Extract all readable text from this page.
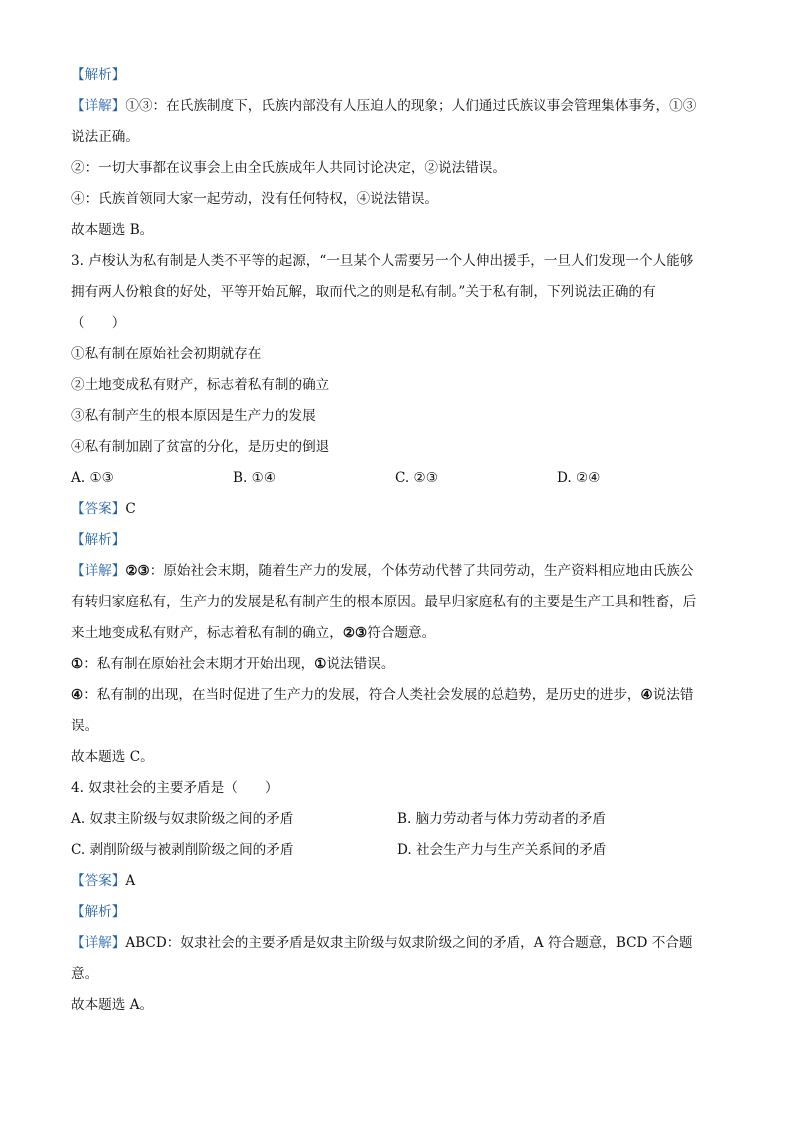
【解析】
【详解】①③：在氏族制度下，氏族内部没有人压迫人的现象；人们通过氏族议事会管理集体事务，①③
说法正确。
②：一切大事都在议事会上由全氏族成年人共同讨论决定，②说法错误。
④：氏族首领同大家一起劳动，没有任何特权，④说法错误。
故本题选 B。
3. 卢梭认为私有制是人类不平等的起源，“一旦某个人需要另一个人伸出援手，一旦人们发现一个人能够
拥有两人份粮食的好处，平等开始瓦解，取而代之的则是私有制。”关于私有制，下列说法正确的有
（　　）
①私有制在原始社会初期就存在
②土地变成私有财产，标志着私有制的确立
③私有制产生的根本原因是生产力的发展
④私有制加剧了贫富的分化，是历史的倒退
A. ①③	B. ①④	C. ②③	D. ②④
【答案】C
【解析】
【详解】②③：原始社会末期，随着生产力的发展，个体劳动代替了共同劳动，生产资料相应地由氏族公
有转归家庭私有，生产力的发展是私有制产生的根本原因。最早归家庭私有的主要是生产工具和牲畜，后
来土地变成私有财产，标志着私有制的确立，②③符合题意。
①：私有制在原始社会末期才开始出现，①说法错误。
④：私有制的出现，在当时促进了生产力的发展，符合人类社会发展的总趋势，是历史的进步，④说法错
误。
故本题选 C。
4. 奴隶社会的主要矛盾是（　　）
A. 奴隶主阶级与奴隶阶级之间的矛盾	B. 脑力劳动者与体力劳动者的矛盾
C. 剥削阶级与被剥削阶级之间的矛盾	D. 社会生产力与生产关系间的矛盾
【答案】A
【解析】
【详解】ABCD：奴隶社会的主要矛盾是奴隶主阶级与奴隶阶级之间的矛盾，A 符合题意，BCD 不合题
意。
故本题选 A。
